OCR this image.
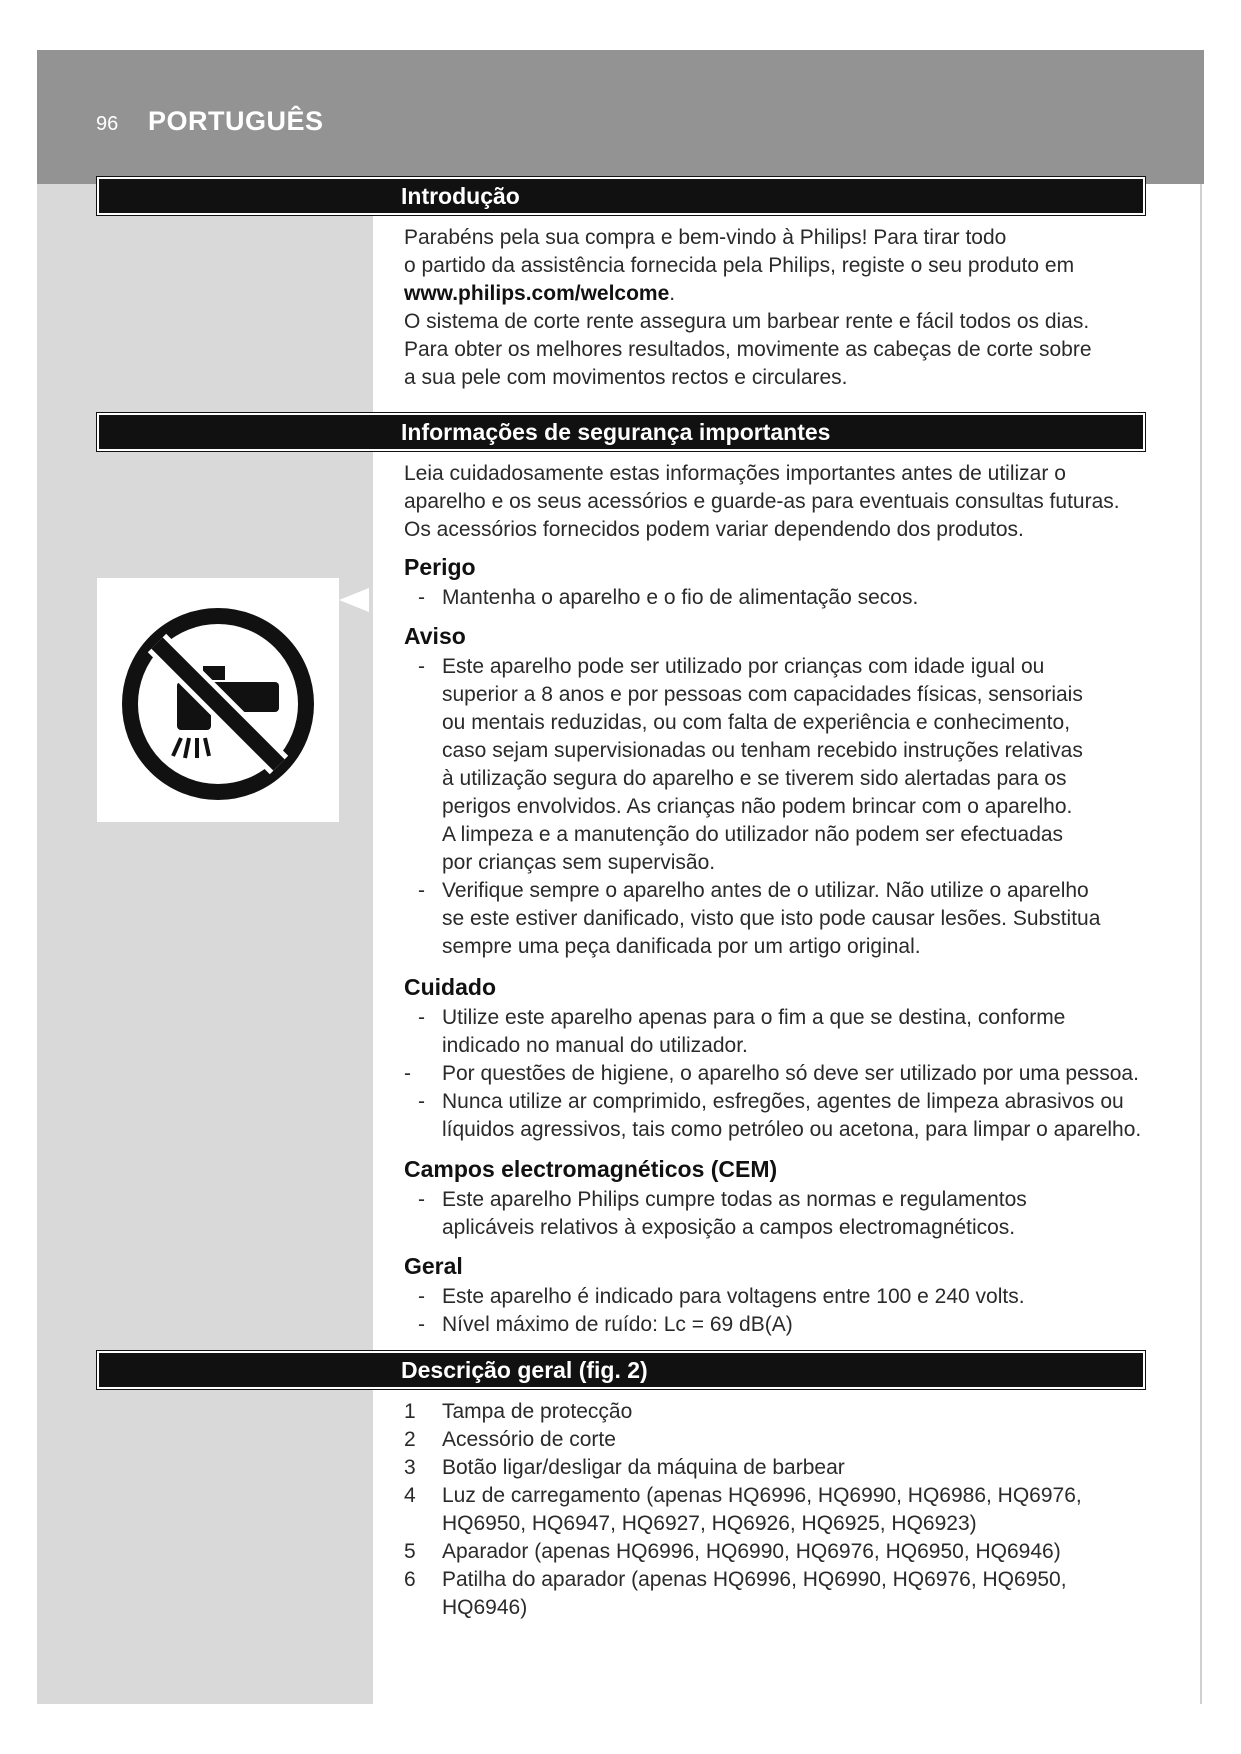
96 PORTUGUÊS
Introdução

Parabéns pela sua compra e bem-vindo à Philips! Para tirar todo

o partido da assistência fornecida pela Philips, registe o seu produto em

www.philips.com/welcome.

O sistema de corte rente assegura um barbear rente e fácil todos os dias.

Para obter os melhores resultados, movimente as cabeças de corte sobre

a sua pele com movimentos rectos e circulares.

Informações de segurança importantes

Leia cuidadosamente estas informações importantes antes de utilizar o

aparelho e os seus acessórios e guarde-as para eventuais consultas futuras.

Os acessórios fornecidos podem variar dependendo dos produtos.

Perigo
- Mantenha o aparelho e o fio de alimentação secos.
Aviso
- Este aparelho pode ser utilizado por crianças com idade igual ou
superior a 8 anos e por pessoas com capacidades físicas, sensoriais
ou mentais reduzidas, ou com falta de experiência e conhecimento,
caso sejam supervisionadas ou tenham recebido instruções relativas
à utilização segura do aparelho e se tiverem sido alertadas para os
perigos envolvidos. As crianças não podem brincar com o aparelho.
A limpeza e a manutenção do utilizador não podem ser efectuadas
por crianças sem supervisão.
- Verifique sempre o aparelho antes de o utilizar. Não utilize o aparelho
se este estiver danificado, visto que isto pode causar lesões. Substitua
sempre uma peça danificada por um artigo original.
Cuidado
- Utilize este aparelho apenas para o fim a que se destina, conforme
indicado no manual do utilizador.
- Por questões de higiene, o aparelho só deve ser utilizado por uma pessoa.
- Nunca utilize ar comprimido, esfregões, agentes de limpeza abrasivos ou
líquidos agressivos, tais como petróleo ou acetona, para limpar o aparelho.
Campos electromagnéticos (CEM)
- Este aparelho Philips cumpre todas as normas e regulamentos
aplicáveis relativos à exposição a campos electromagnéticos.
Geral
- Este aparelho é indicado para voltagens entre 100 e 240 volts.
- Nível máximo de ruído: Lc = 69 dB(A)
Descrição geral (fig. 2)
1 Tampa de protecção
2 Acessório de corte
3 Botão ligar/desligar da máquina de barbear
4 Luz de carregamento (apenas HQ6996, HQ6990, HQ6986, HQ6976,
HQ6950, HQ6947, HQ6927, HQ6926, HQ6925, HQ6923)
5 Aparador (apenas HQ6996, HQ6990, HQ6976, HQ6950, HQ6946)
6 Patilha do aparador (apenas HQ6996, HQ6990, HQ6976, HQ6950,
HQ6946)
